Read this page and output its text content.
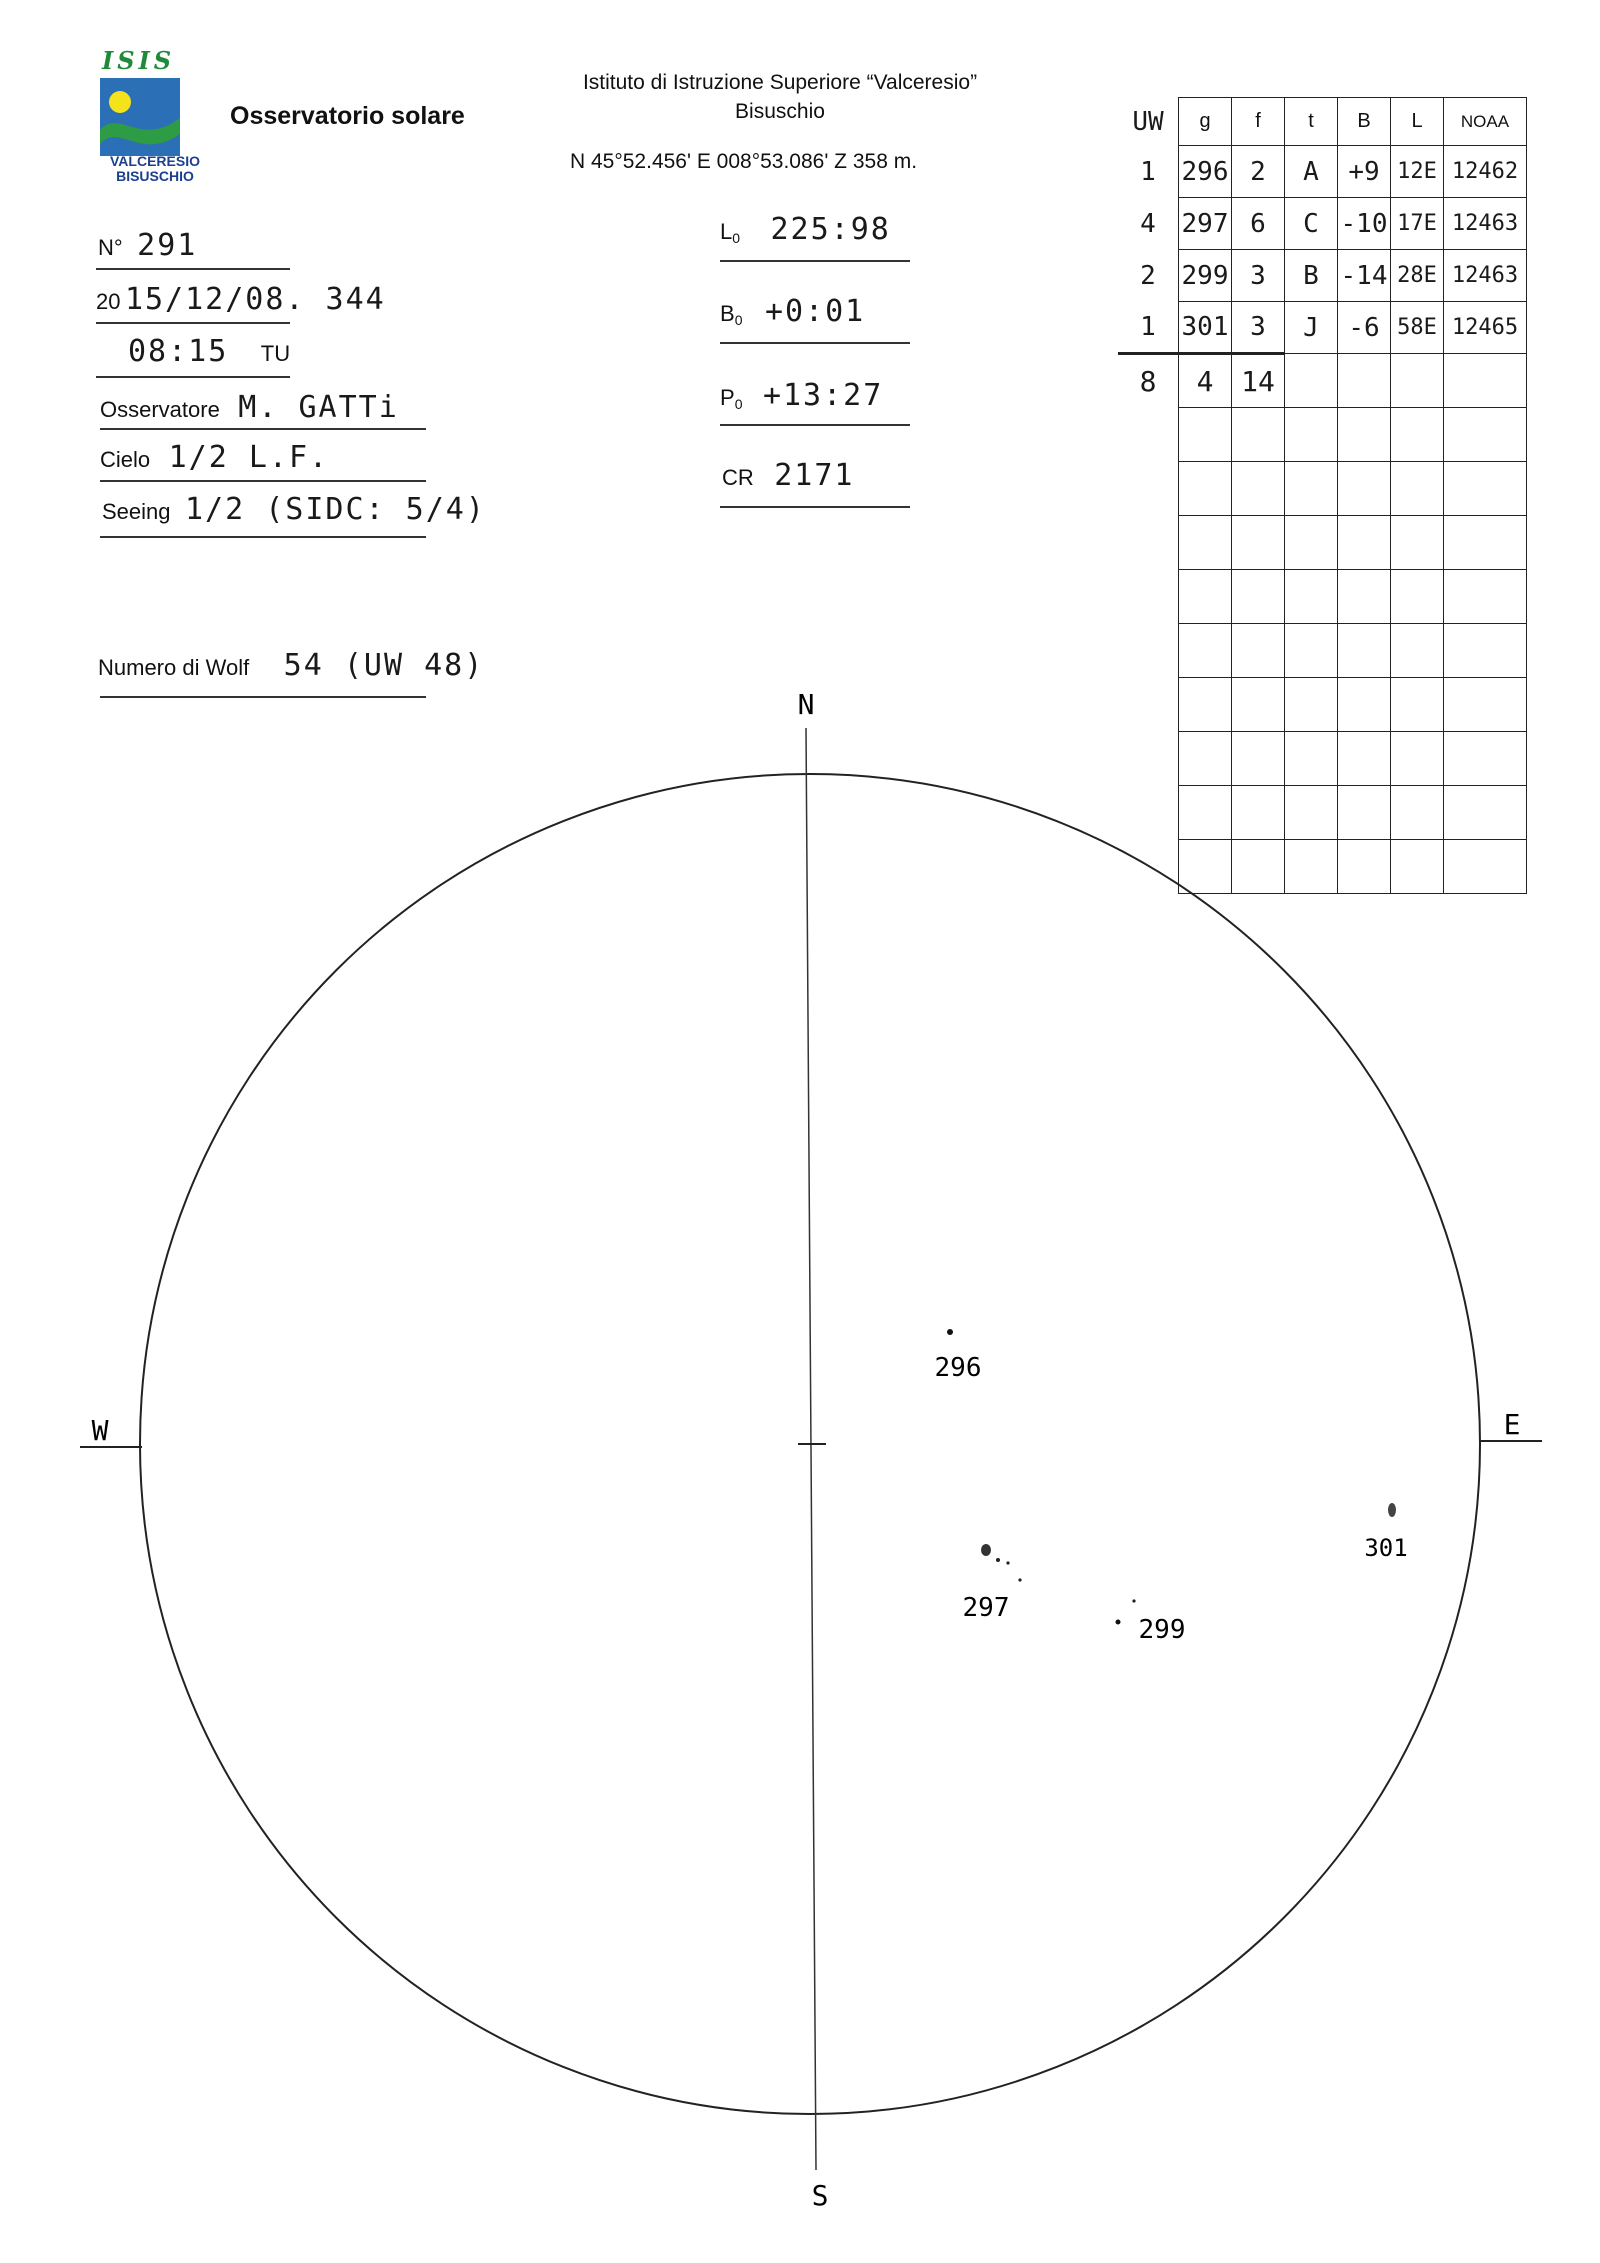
ISIS
VALCERESIO
BISUSCHIO
Osservatorio solare
Istituto di Istruzione Superiore “Valceresio”
Bisuschio
N 45°52.456' E 008°53.086' Z 358 m.
N° 291
20 15/12/08. 344
08:15 TU
Osservatore M. GATTi
Cielo 1/2 L.F.
Seeing 1/2 (SIDC: 5/4)
Numero di Wolf 54 (UW 48)
$L_0$ 225:98
$B_0$ +0:01
$P_0$ +13:27
CR 2171
UW	g	f	t	B	L	NOAA
1	296	2	A	+9	12E	12462
4	297	6	C	-10	17E	12463
2	299	3	B	-14	28E	12463
1	301	3	J	-6	58E	12465
8	4	14				

N
S
W	E
296
297
299
301
